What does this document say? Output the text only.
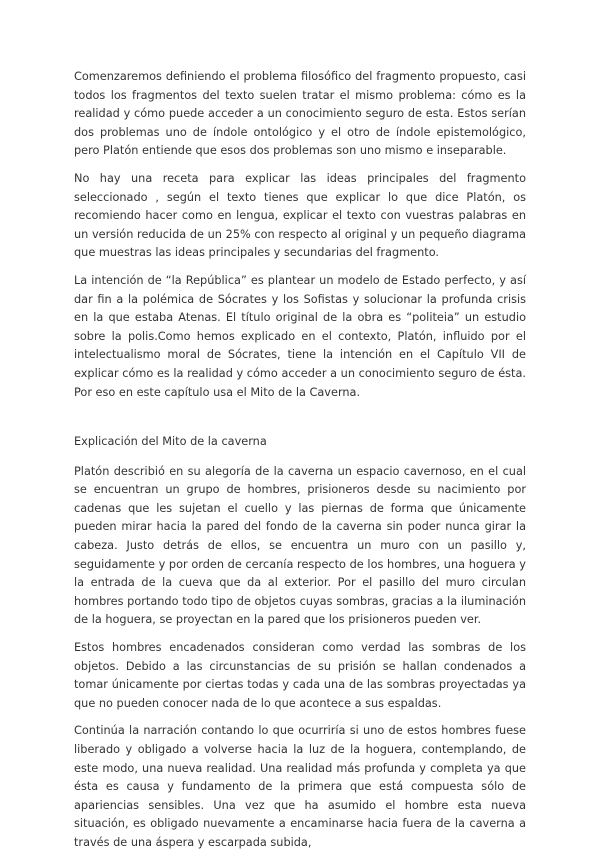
Comenzaremos definiendo el problema filosófico del fragmento propuesto, casi todos los fragmentos del texto suelen tratar el mismo problema: cómo es la realidad y cómo puede acceder a un conocimiento seguro de esta. Estos serían dos problemas uno de índole ontológico y el otro de índole epistemológico, pero Platón entiende que esos dos problemas son uno mismo e inseparable.

No hay una receta para explicar las ideas principales del fragmento seleccionado , según el texto tienes que explicar lo que dice Platón, os recomiendo hacer como en lengua, explicar el texto con vuestras palabras en un versión reducida de un 25% con respecto al original y un pequeño diagrama que muestras las ideas principales y secundarias del fragmento.

La intención de “la República” es plantear un modelo de Estado perfecto, y así dar fin a la polémica de Sócrates y los Sofistas y solucionar la profunda crisis en la que estaba Atenas. El título original de la obra es “politeia” un estudio sobre la polis.Como hemos explicado en el contexto, Platón, influido por el intelectualismo moral de Sócrates, tiene la intención en el Capítulo VII de explicar cómo es la realidad y cómo acceder a un conocimiento seguro de ésta. Por eso en este capítulo usa el Mito de la Caverna.

Explicación del Mito de la caverna

Platón describió en su alegoría de la caverna un espacio cavernoso, en el cual se encuentran un grupo de hombres, prisioneros desde su nacimiento por cadenas que les sujetan el cuello y las piernas de forma que únicamente pueden mirar hacia la pared del fondo de la caverna sin poder nunca girar la cabeza. Justo detrás de ellos, se encuentra un muro con un pasillo y, seguidamente y por orden de cercanía respecto de los hombres, una hoguera y la entrada de la cueva que da al exterior. Por el pasillo del muro circulan hombres portando todo tipo de objetos cuyas sombras, gracias a la iluminación de la hoguera, se proyectan en la pared que los prisioneros pueden ver.

Estos hombres encadenados consideran como verdad las sombras de los objetos. Debido a las circunstancias de su prisión se hallan condenados a tomar únicamente por ciertas todas y cada una de las sombras proyectadas ya que no pueden conocer nada de lo que acontece a sus espaldas.

Continúa la narración contando lo que ocurriría si uno de estos hombres fuese liberado y obligado a volverse hacia la luz de la hoguera, contemplando, de este modo, una nueva realidad. Una realidad más profunda y completa ya que ésta es causa y fundamento de la primera que está compuesta sólo de apariencias sensibles. Una vez que ha asumido el hombre esta nueva situación, es obligado nuevamente a encaminarse hacia fuera de la caverna a través de una áspera y escarpada subida,
